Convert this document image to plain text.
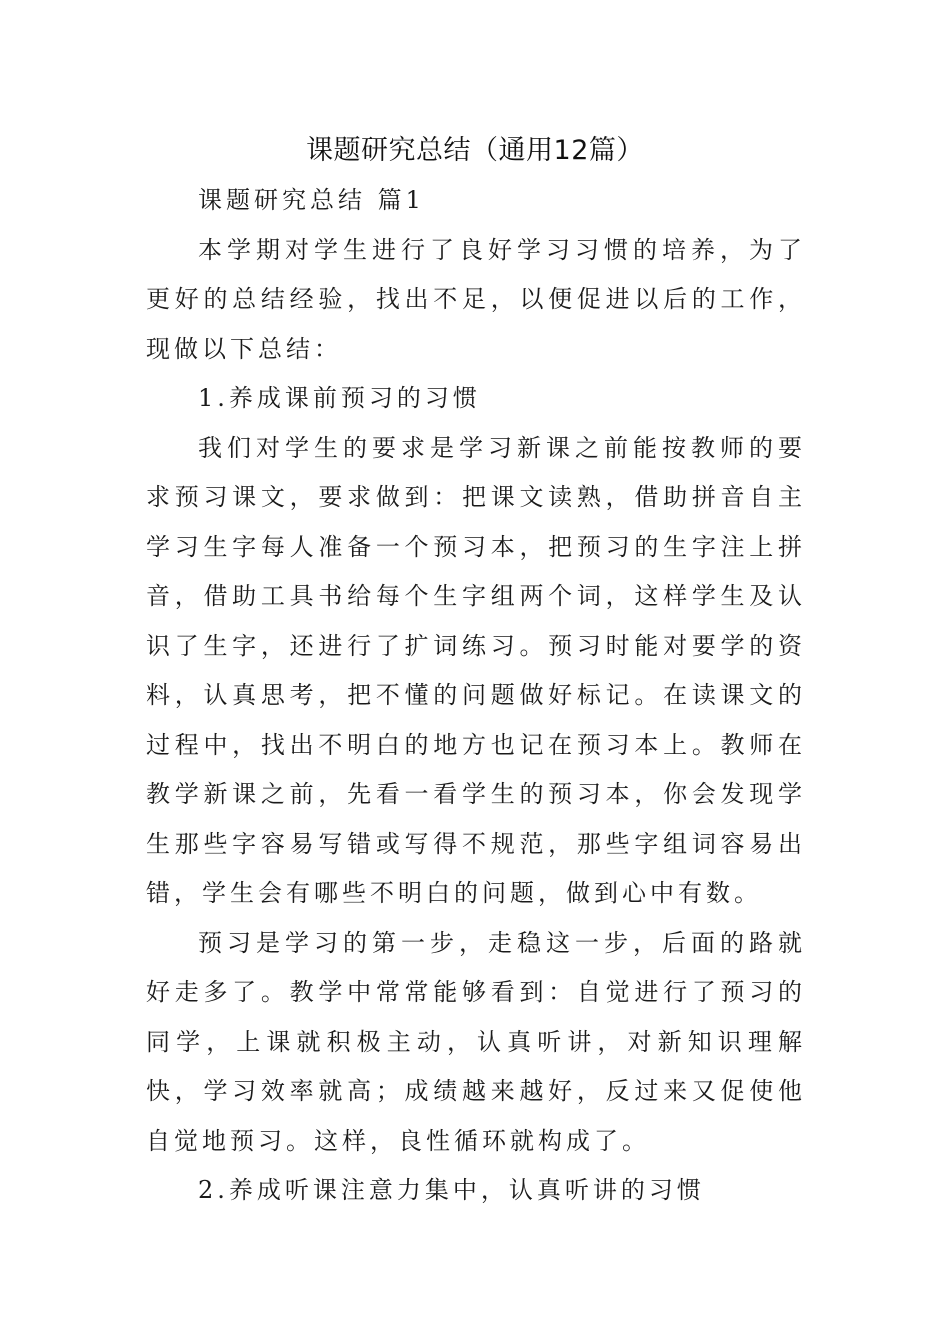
课题研究总结（通用12篇）

课题研究总结 篇1

本学期对学生进行了良好学习习惯的培养，为了更好的总结经验，找出不足，以便促进以后的工作，现做以下总结：

1.养成课前预习的习惯

我们对学生的要求是学习新课之前能按教师的要求预习课文，要求做到：把课文读熟，借助拼音自主学习生字每人准备一个预习本，把预习的生字注上拼音，借助工具书给每个生字组两个词，这样学生及认识了生字，还进行了扩词练习。预习时能对要学的资料，认真思考，把不懂的问题做好标记。在读课文的过程中，找出不明白的地方也记在预习本上。教师在教学新课之前，先看一看学生的预习本，你会发现学生那些字容易写错或写得不规范，那些字组词容易出错，学生会有哪些不明白的问题，做到心中有数。

预习是学习的第一步，走稳这一步，后面的路就好走多了。教学中常常能够看到：自觉进行了预习的同学，上课就积极主动，认真听讲，对新知识理解快，学习效率就高；成绩越来越好，反过来又促使他自觉地预习。这样，良性循环就构成了。

2.养成听课注意力集中，认真听讲的习惯
